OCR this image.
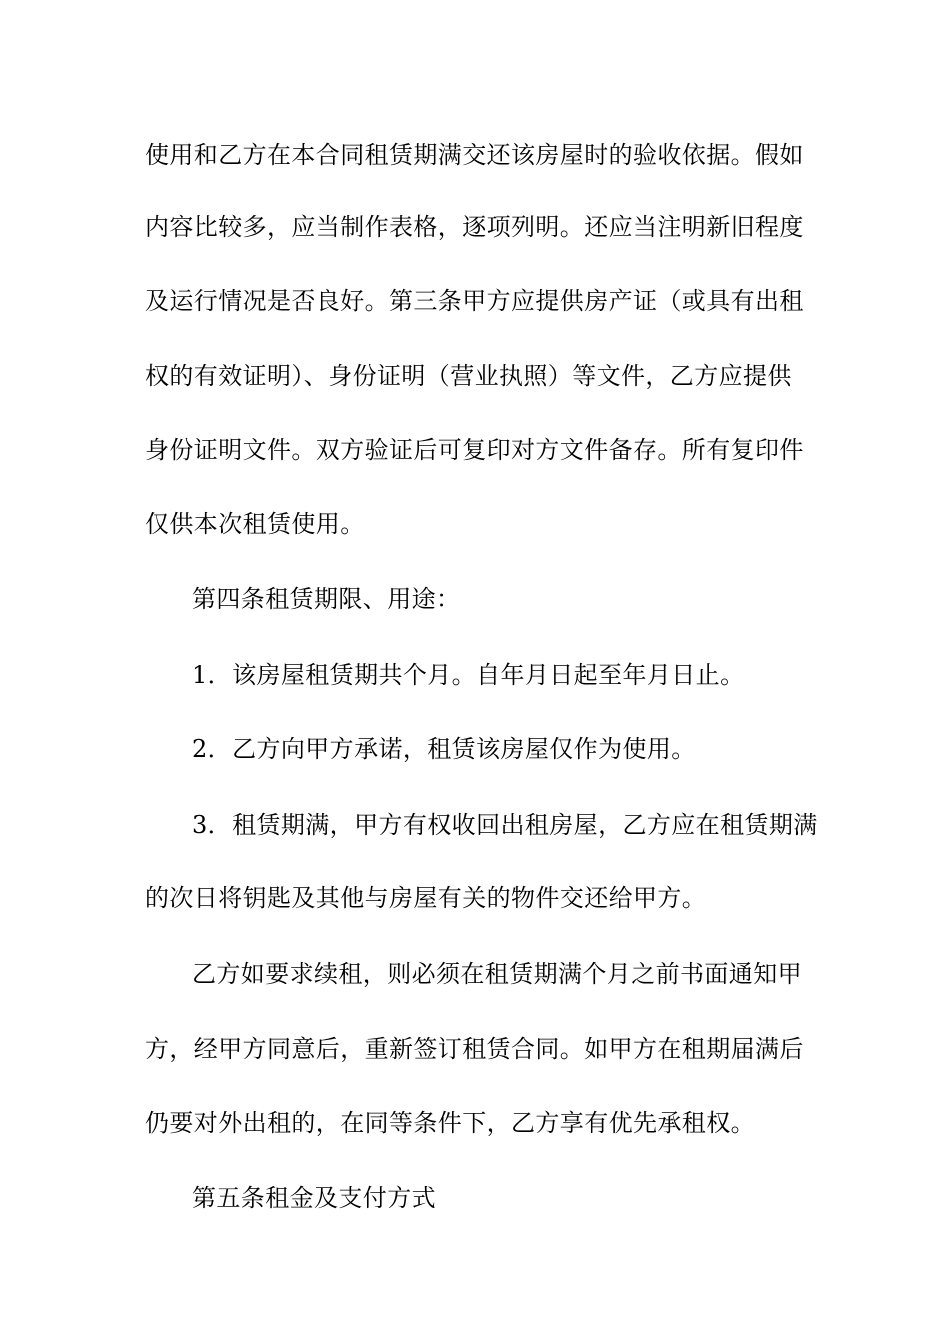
使用和乙方在本合同租赁期满交还该房屋时的验收依据。假如
内容比较多，应当制作表格，逐项列明。还应当注明新旧程度
及运行情况是否良好。第三条甲方应提供房产证（或具有出租
权的有效证明）、身份证明（营业执照）等文件，乙方应提供
身份证明文件。双方验证后可复印对方文件备存。所有复印件
仅供本次租赁使用。
第四条租赁期限、用途：
1．该房屋租赁期共个月。自年月日起至年月日止。
2．乙方向甲方承诺，租赁该房屋仅作为使用。
3．租赁期满，甲方有权收回出租房屋，乙方应在租赁期满
的次日将钥匙及其他与房屋有关的物件交还给甲方。
乙方如要求续租，则必须在租赁期满个月之前书面通知甲
方，经甲方同意后，重新签订租赁合同。如甲方在租期届满后
仍要对外出租的，在同等条件下，乙方享有优先承租权。
第五条租金及支付方式
